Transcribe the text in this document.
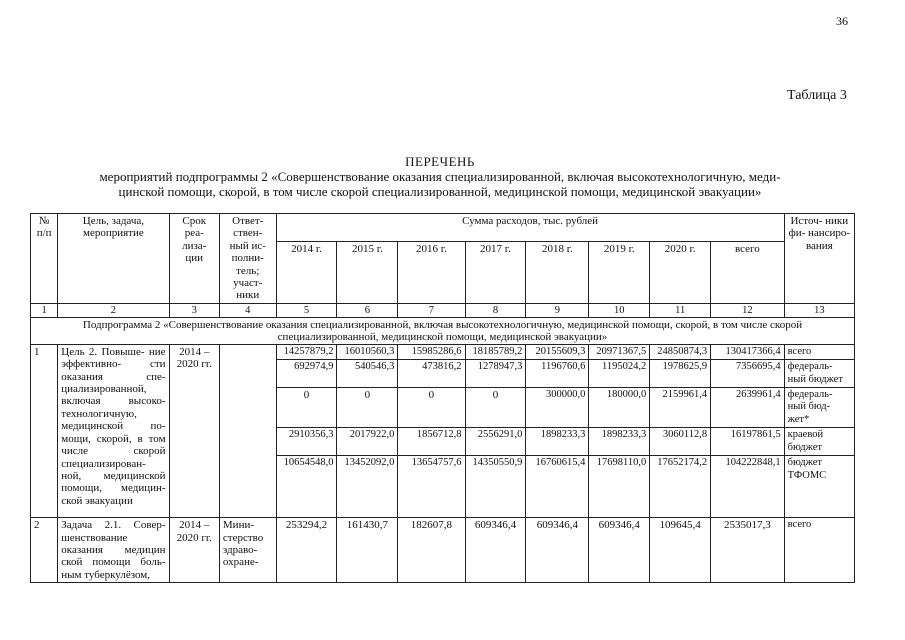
36
Таблица 3
ПЕРЕЧЕНЬ
мероприятий подпрограммы 2 «Совершенствование оказания специализированной, включая высокотехнологичную, меди-
цинской помощи, скорой, в том числе скорой специализированной, медицинской помощи, медицинской эвакуации»
№ п/п	Цель, задача, мероприятие	Срок реа- лиза- ции	Ответ- ствен- ный ис- полни- тель; участ- ники	Сумма расходов, тыс. рублей								Источ- ники фи- нансиро- вания
				2014 г.	2015 г.	2016 г.	2017 г.	2018 г.	2019 г.	2020 г.	всего	
1	2	3	4	5	6	7	8	9	10	11	12	13
Подпрограмма 2 «Совершенствование оказания специализированной, включая высокотехнологичную, медицинской помощи, скорой, в том числе скорой специализированной, медицинской помощи, медицинской эвакуации»												
1	Цель 2. Повыше- ние эффективно- сти оказания спе- циализированной, включая высоко- технологичную, медицинской по- мощи, скорой, в том числе скорой специализирован- ной, медицинской помощи, медицин- ской эвакуации	2014 – 2020 гг.		14257879,2	16010560,3	15985286,6	18185789,2	20155609,3	20971367,5	24850874,3	130417366,4	всего
				692974,9	540546,3	473816,2	1278947,3	1196760,6	1195024,2	1978625,9	7356695,4	федераль- ный бюджет
				0	0	0	0	300000,0	180000,0	2159961,4	2639961,4	федераль- ный бюд- жет*
				2910356,3	2017922,0	1856712,8	2556291,0	1898233,3	1898233,3	3060112,8	16197861,5	краевой бюджет
				10654548,0	13452092,0	13654757,6	14350550,9	16760615,4	17698110,0	17652174,2	104222848,1	бюджет ТФОМС
2	Задача 2.1. Совер- шенствование оказания медицин ской помощи боль- ным туберкулёзом,	2014 – 2020 гг.	Мини- стерство здраво- охране-	253294,2	161430,7	182607,8	609346,4	609346,4	609346,4	109645,4	2535017,3	всего
